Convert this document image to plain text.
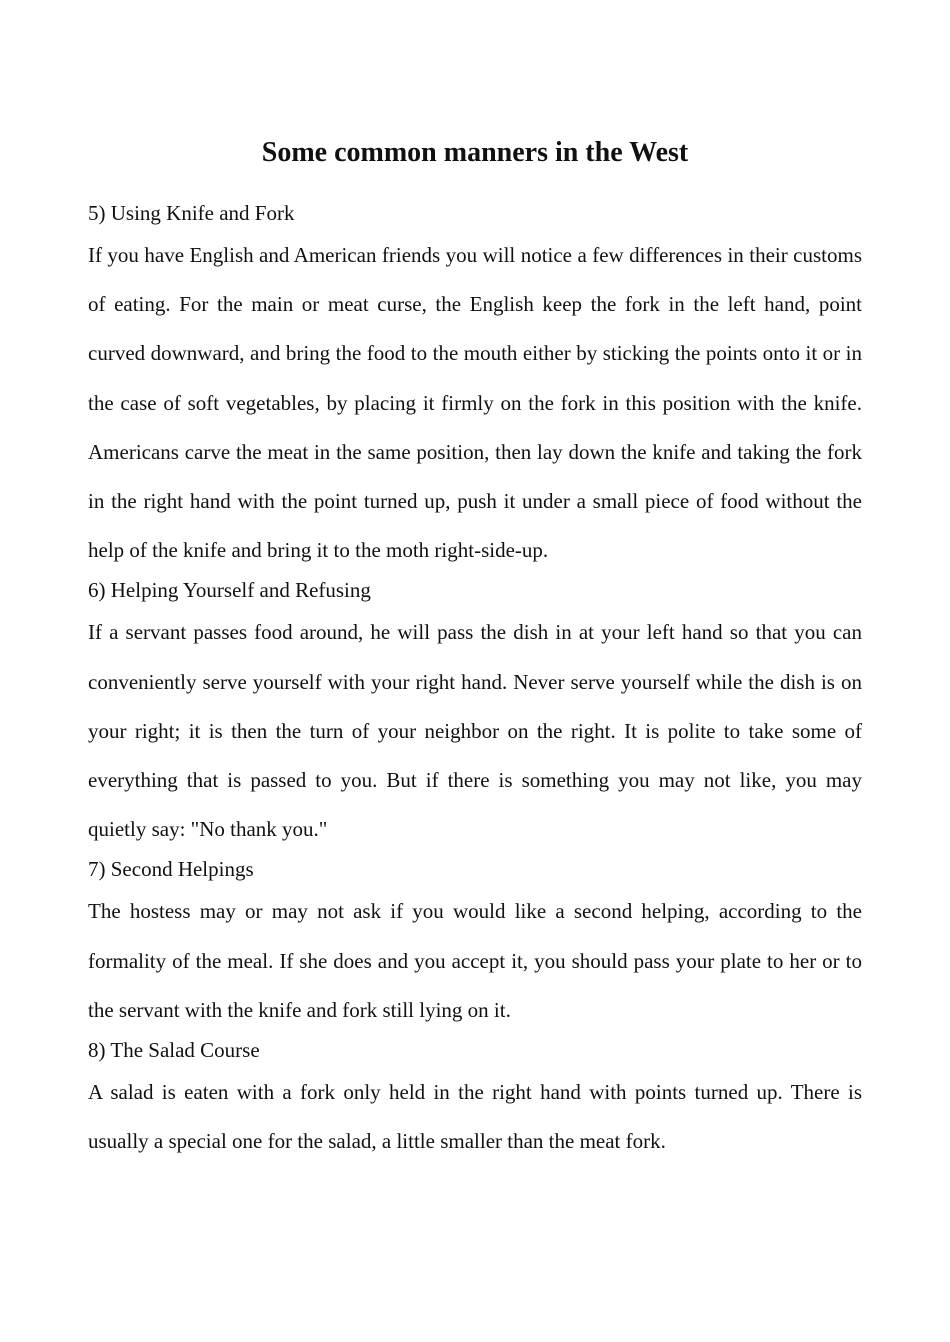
Some common manners in the West

5) Using Knife and Fork

If you have English and American friends you will notice a few differences in their customs of eating. For the main or meat curse, the English keep the fork in the left hand, point curved downward, and bring the food to the mouth either by sticking the points onto it or in the case of soft vegetables, by placing it firmly on the fork in this position with the knife. Americans carve the meat in the same position, then lay down the knife and taking the fork in the right hand with the point turned up, push it under a small piece of food without the help of the knife and bring it to the moth right-side-up.

6) Helping Yourself and Refusing

If a servant passes food around, he will pass the dish in at your left hand so that you can conveniently serve yourself with your right hand. Never serve yourself while the dish is on your right; it is then the turn of your neighbor on the right. It is polite to take some of everything that is passed to you. But if there is something you may not like, you may quietly say: "No thank you."

7) Second Helpings

The hostess may or may not ask if you would like a second helping, according to the formality of the meal. If she does and you accept it, you should pass your plate to her or to the servant with the knife and fork still lying on it.

8) The Salad Course

A salad is eaten with a fork only held in the right hand with points turned up. There is usually a special one for the salad, a little smaller than the meat fork.
